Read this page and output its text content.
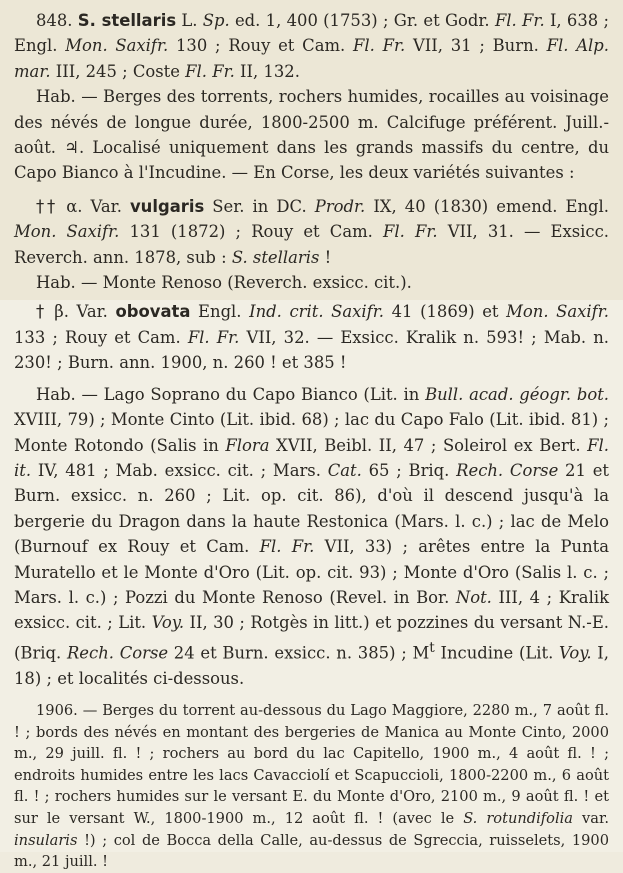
848. S. stellaris L. Sp. ed. 1, 400 (1753) ; Gr. et Godr. Fl. Fr. I, 638 ; Engl. Mon. Saxifr. 130 ; Rouy et Cam. Fl. Fr. VII, 31 ; Burn. Fl. Alp. mar. III, 245 ; Coste Fl. Fr. II, 132.

Hab. — Berges des torrents, rochers humides, rocailles au voisinage des névés de longue durée, 1800-2500 m. Calcifuge préférent. Juill.-août. ♃. Localisé uniquement dans les grands massifs du centre, du Capo Bianco à l'Incudine. — En Corse, les deux variétés suivantes :

†† α. Var. vulgaris Ser. in DC. Prodr. IX, 40 (1830) emend. Engl. Mon. Saxifr. 131 (1872) ; Rouy et Cam. Fl. Fr. VII, 31. — Exsicc. Reverch. ann. 1878, sub : S. stellaris !

Hab. — Monte Renoso (Reverch. exsicc. cit.).

† β. Var. obovata Engl. Ind. crit. Saxifr. 41 (1869) et Mon. Saxifr. 133 ; Rouy et Cam. Fl. Fr. VII, 32. — Exsicc. Kralik n. 593! ; Mab. n. 230! ; Burn. ann. 1900, n. 260 ! et 385 !

Hab. — Lago Soprano du Capo Bianco (Lit. in Bull. acad. géogr. bot. XVIII, 79) ; Monte Cinto (Lit. ibid. 68) ; lac du Capo Falo (Lit. ibid. 81) ; Monte Rotondo (Salis in Flora XVII, Beibl. II, 47 ; Soleirol ex Bert. Fl. it. IV, 481 ; Mab. exsicc. cit. ; Mars. Cat. 65 ; Briq. Rech. Corse 21 et Burn. exsicc. n. 260 ; Lit. op. cit. 86), d'où il descend jusqu'à la bergerie du Dragon dans la haute Restonica (Mars. l. c.) ; lac de Melo (Burnouf ex Rouy et Cam. Fl. Fr. VII, 33) ; arêtes entre la Punta Muratello et le Monte d'Oro (Lit. op. cit. 93) ; Monte d'Oro (Salis l. c. ; Mars. l. c.) ; Pozzi du Monte Renoso (Revel. in Bor. Not. III, 4 ; Kralik exsicc. cit. ; Lit. Voy. II, 30 ; Rotgès in litt.) et pozzines du versant N.-E. (Briq. Rech. Corse 24 et Burn. exsicc. n. 385) ; $M^t$ Incudine (Lit. Voy. I, 18) ; et localités ci-dessous.

1906. — Berges du torrent au-dessous du Lago Maggiore, 2280 m., 7 août fl. ! ; bords des névés en montant des bergeries de Manica au Monte Cinto, 2000 m., 29 juill. fl. ! ; rochers au bord du lac Capitello, 1900 m., 4 août fl. ! ; endroits humides entre les lacs Cavacciolí et Scapuccioli, 1800-2200 m., 6 août fl. ! ; rochers humides sur le versant E. du Monte d'Oro, 2100 m., 9 août fl. ! et sur le versant W., 1800-1900 m., 12 août fl. ! (avec le S. rotundifolia var. insularis !) ; col de Bocca della Calle, au-dessus de Sgreccia, ruisselets, 1900 m., 21 juill. !
